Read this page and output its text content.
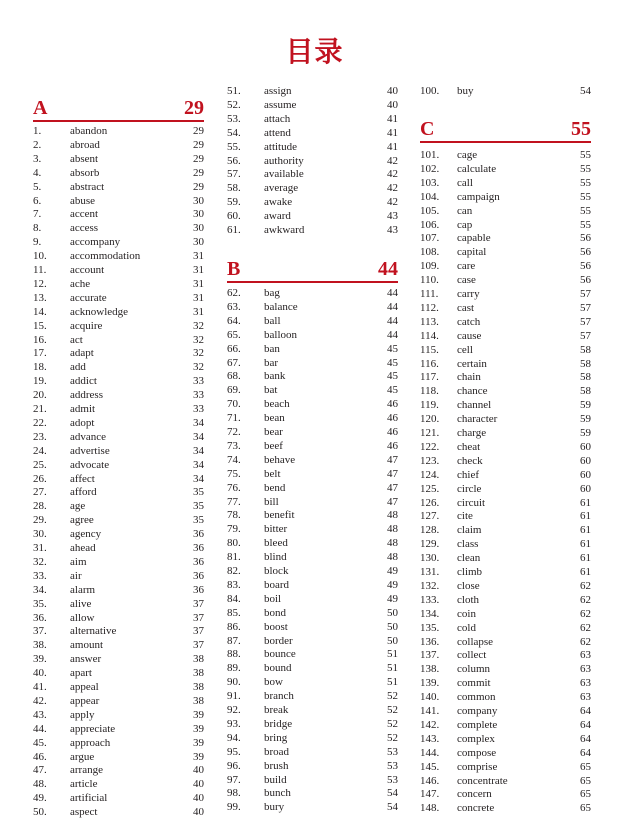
目录
A	29
1.	abandon	29
2.	abroad	29
3.	absent	29
4.	absorb	29
5.	abstract	29
6.	abuse	30
7.	accent	30
8.	access	30
9.	accompany	30
10. accommodation	31
11. account	31
12. ache	31
13. accurate	31
14. acknowledge	31
15. acquire	32
16. act	32
17. adapt	32
18. add	32
19. addict	33
20. address	33
21. admit	33
22. adopt	34
23. advance	34
24. advertise	34
25. advocate	34
26. affect	34
27. afford	35
28. age	35
29. agree	35
30. agency	36
31. ahead	36
32. aim	36
33. air	36
34. alarm	36
35. alive	37
36. allow	37
37. alternative	37
38. amount	37
39. answer	38
40. apart	38
41. appeal	38
42. appear	38
43. apply	39
44. appreciate	39
45. approach	39
46. argue	39
47. arrange	40
48. article	40
49. artificial	40
50. aspect	40
B	44
51. assign	40
52. assume	40
53. attach	41
54. attend	41
55. attitude	41
56. authority	42
57. available	42
58. average	42
59. awake	42
60. award	43
61. awkward	43
62. bag	44
63. balance	44
64. ball	44
65. balloon	44
66. ban	45
67. bar	45
68. bank	45
69. bat	45
70. beach	46
71. bean	46
72. bear	46
73. beef	46
74. behave	47
75. belt	47
76. bend	47
77. bill	47
78. benefit	48
79. bitter	48
80. bleed	48
81. blind	48
82. block	49
83. board	49
84. boil	49
85. bond	50
86. boost	50
87. border	50
88. bounce	51
89. bound	51
90. bow	51
91. branch	52
92. break	52
93. bridge	52
94. bring	52
95. broad	53
96. brush	53
97. build	53
98. bunch	54
99. bury	54
C	55
100. buy	54
101. cage	55
102. calculate	55
103. call	55
104. campaign	55
105. can	55
106. cap	55
107. capable	56
108. capital	56
109. care	56
110. case	56
111. carry	57
112. cast	57
113. catch	57
114. cause	57
115. cell	58
116. certain	58
117. chain	58
118. chance	58
119. channel	59
120. character	59
121. charge	59
122. cheat	60
123. check	60
124. chief	60
125. circle	60
126. circuit	61
127. cite	61
128. claim	61
129. class	61
130. clean	61
131. climb	61
132. close	62
133. cloth	62
134. coin	62
135. cold	62
136. collapse	62
137. collect	63
138. column	63
139. commit	63
140. common	63
141. company	64
142. complete	64
143. complex	64
144. compose	64
145. comprise	65
146. concentrate	65
147. concern	65
148. concrete	65
